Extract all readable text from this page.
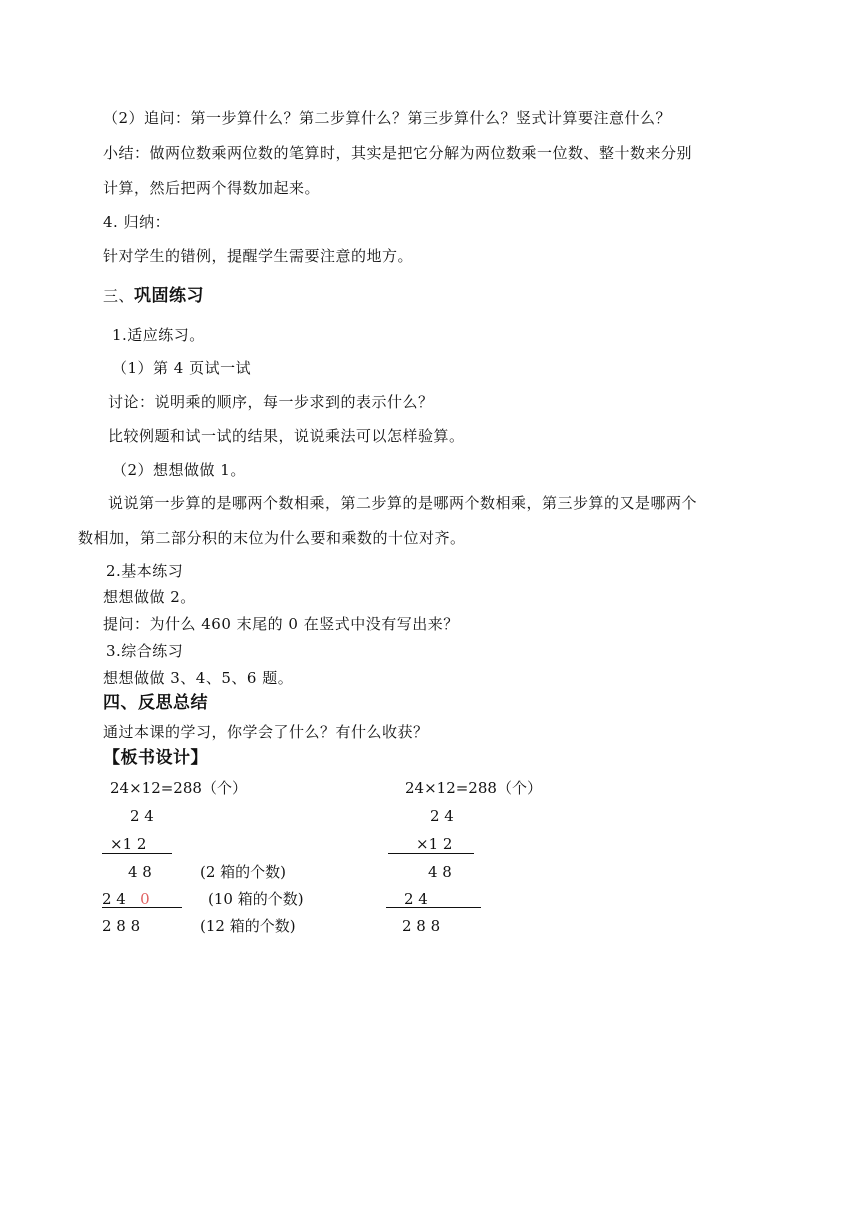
（2）追问：第一步算什么？第二步算什么？第三步算什么？竖式计算要注意什么？
小结：做两位数乘两位数的笔算时，其实是把它分解为两位数乘一位数、整十数来分别
计算，然后把两个得数加起来。
4. 归纳：
针对学生的错例，提醒学生需要注意的地方。
三、巩固练习
1.适应练习。
（1）第 4 页试一试
讨论：说明乘的顺序，每一步求到的表示什么？
比较例题和试一试的结果，说说乘法可以怎样验算。
（2）想想做做 1。
说说第一步算的是哪两个数相乘，第二步算的是哪两个数相乘，第三步算的又是哪两个
数相加，第二部分积的末位为什么要和乘数的十位对齐。
2.基本练习
想想做做 2。
提问：为什么 460 末尾的 0 在竖式中没有写出来？
3.综合练习
想想做做 3、4、5、6 题。
四、反思总结
通过本课的学习，你学会了什么？有什么收获？
【板书设计】
24×12=288（个）
2 4
×1 2
4 8	(2 箱的个数)
2 4 0	(10 箱的个数)
2 8 8	(12 箱的个数)
24×12=288（个）
2 4
×1 2
4 8
2 4
2 8 8
